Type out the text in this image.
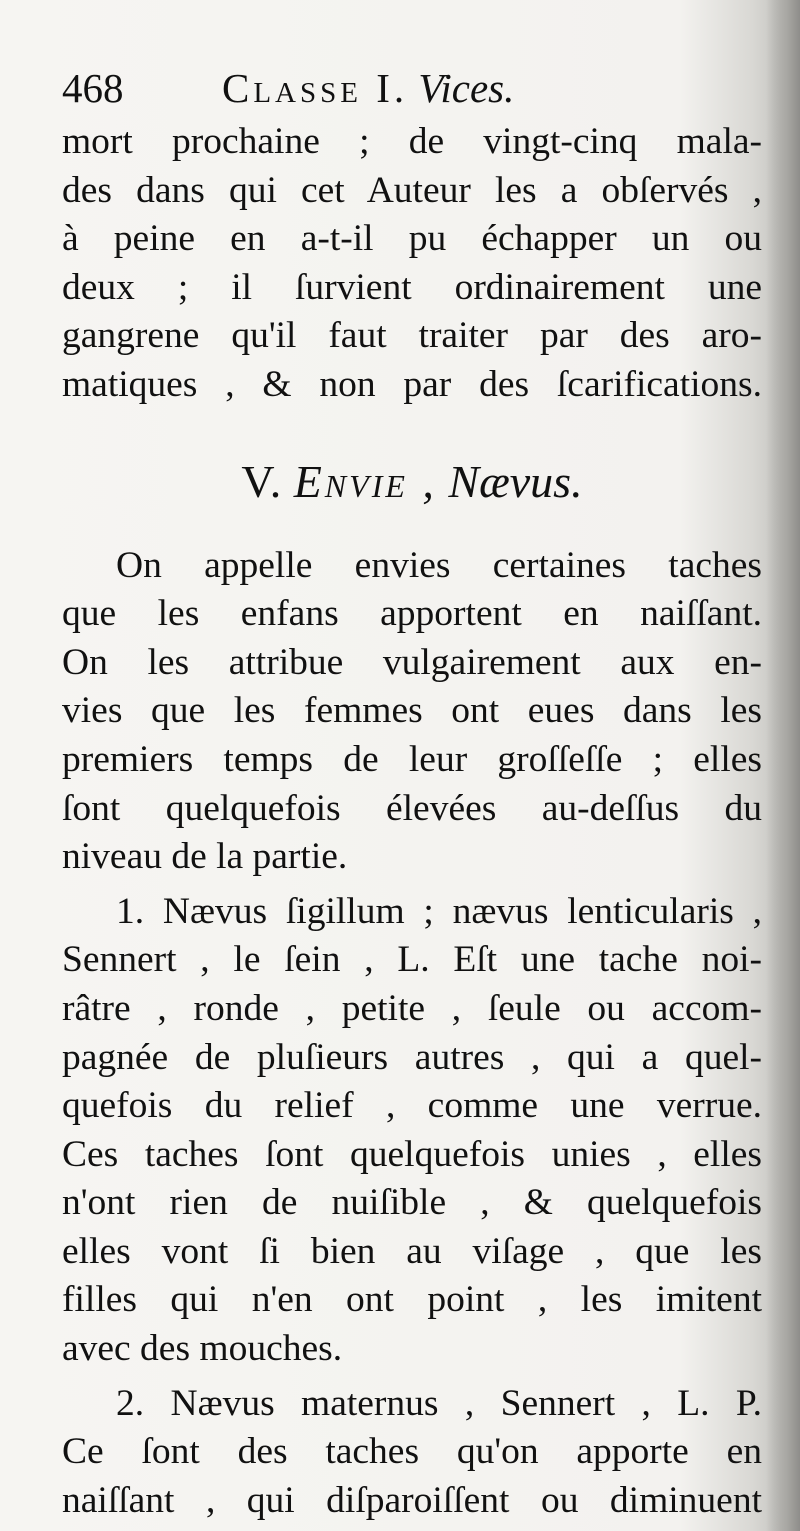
468 Classe I. Vices.
mort prochaine ; de vingt-cinq mala-
des dans qui cet Auteur les a obſervés ,
à peine en a-t-il pu échapper un ou
deux ; il ſurvient ordinairement une
gangrene qu'il faut traiter par des aro-
matiques , & non par des ſcarifications.
V. Envie , Nævus.
On appelle envies certaines taches
que les enfans apportent en naiſſant.
On les attribue vulgairement aux en-
vies que les femmes ont eues dans les
premiers temps de leur groſſeſſe ; elles
ſont quelquefois élevées au-deſſus du
niveau de la partie.
1. Nævus ſigillum ; nævus lenticularis ,
Sennert , le ſein , L. Eſt une tache noi-
râtre , ronde , petite , ſeule ou accom-
pagnée de pluſieurs autres , qui a quel-
quefois du relief , comme une verrue.
Ces taches ſont quelquefois unies , elles
n'ont rien de nuiſible , & quelquefois
elles vont ſi bien au viſage , que les
filles qui n'en ont point , les imitent
avec des mouches.
2. Nævus maternus , Sennert , L. P.
Ce ſont des taches qu'on apporte en
naiſſant , qui diſparoiſſent ou diminuent
